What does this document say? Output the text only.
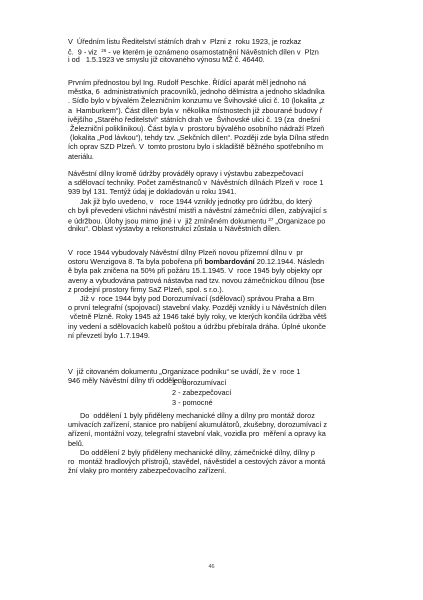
V  Úředním listu Ředitelství státních drah v  Plzni z  roku 1923, je rozkaz

č.  9 - viz  $^{26}$ - ve kterém je oznámeno osamostatnění Návěstních dílen v  Plzn

i od   1.5.1923 ve smyslu již citovaného výnosu MŽ č. 46440.

Prvním přednostou byl Ing. Rudolf Peschke. Řídící aparát měl jednoho ná

městka, 6  administrativních pracovníků, jednoho dělmistra a jednoho skladníka

. Sídlo bylo v bývalém Železničním konzumu ve Švihovské ulici č. 10 (lokalita „z

a  Hamburkem“). Část dílen byla v  několika místnostech již zbourané budovy ř

ivějšího „Starého ředitelství“ státních drah ve  Švihovské ulici č. 19 (za  dnešní

Železniční poliklinikou). Část byla v  prostoru bývalého osobního nádraží Plzeň

(lokalita „Pod lávkou“), tehdy tzv. „Sekčních dílen“. Později zde byla Dílna středn

ích oprav SZD Plzeň. V  tomto prostoru bylo i skladiště běžného spotřebního m

ateriálu.

Návěstní dílny kromě údržby prováděly opravy i výstavbu zabezpečovací

a sdělovací techniky. Počet zaměstnanců v  Návěstních dílnách Plzeň v  roce 1

939 byl 131. Tentýž údaj je dokladován u roku 1941.

Jak již bylo uvedeno, v   roce 1944 vznikly jednotky pro údržbu, do který

ch byli převedeni všichni návěstní mistři a návěstní zámečníci dílen, zabývající s

e údržbou. Úlohy jsou mimo jiné i v  již zmíněném dokumentu $^{27}$ „Organizace po

dniku“. Oblast výstavby a rekonstrukcí zůstala u Návěstních dílen.

V  roce 1944 vybudovaly Návěstní dílny Plzeň novou přízemní dílnu v  pr

ostoru Wenzigova 8. Ta byla pobořena při bombardování 20.12.1944. Následn

ě byla pak zničena na 50% při požáru 15.1.1945. V  roce 1945 byly objekty opr

aveny a vybudována patrová nástavba nad tzv. novou zámečnickou dílnou (bse

z prodejní prostory firmy SaZ Plzeň, spol. s r.o.).

Již v  roce 1944 byly pod Dorozumívací (sdělovací) správou Praha a Brn

o první telegrafní (spojovací) stavební vlaky. Později vznikly i u Návěstních dílen

včetně Plzně. Roky 1945 až 1946 také byly roky, ve kterých končila údržba větš

iny vedení a sdělovacích kabelů poštou a údržbu přebírala dráha. Úplné ukonče

ní převzetí bylo 1.7.1949.

V  již citovaném dokumentu „Organizace podniku“ se uvádí, že v  roce 1

946 měly Návěstní dílny tři oddělení:

1 - dorozumívací

2 - zabezpečovací

3 - pomocné

Do  oddělení 1 byly přiděleny mechanické dílny a dílny pro montáž doroz

umívacích zařízení, stanice pro nabíjení akumulátorů, zkušebny, dorozumívací z

ařízení, montážní vozy, telegrafní stavební vlak, vozidla pro  měření a opravy ka

belů.

Do oddělení 2 byly přiděleny mechanické dílny, zámečnické dílny, dílny p

ro  montáž hradlových přístrojů, stavědel, návěstidel a cestových závor a montá

žní vlaky pro montéry zabezpečovacího zařízení.

46
